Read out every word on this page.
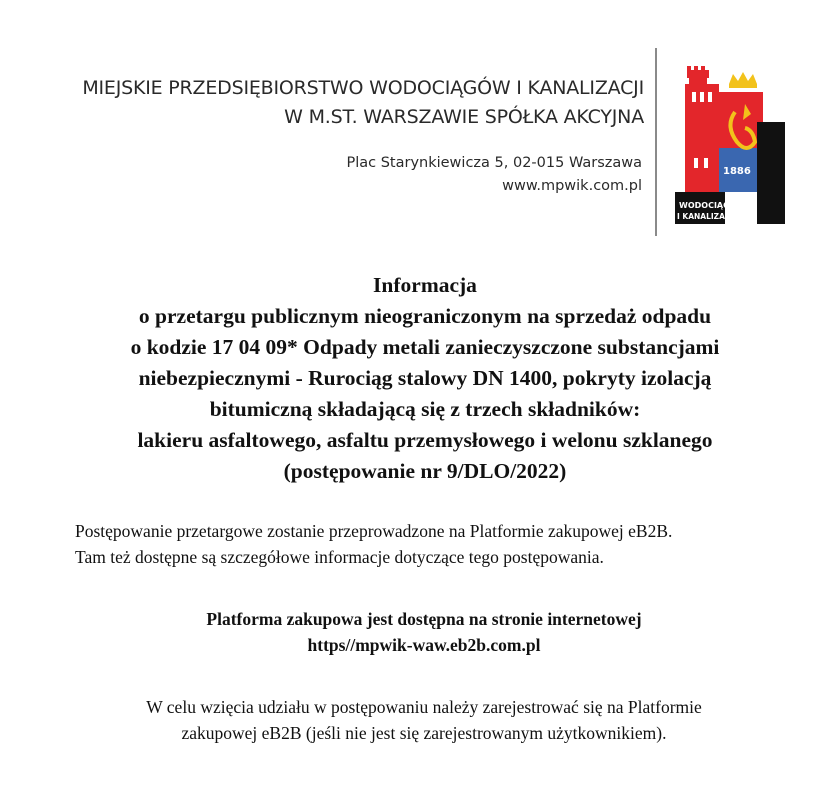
MIEJSKIE PRZEDSIĘBIORSTWO WODOCIĄGÓW I KANALIZACJI
W M.ST. WARSZAWIE SPÓŁKA AKCYJNA
Plac Starynkiewicza 5, 02-015 Warszawa
www.mpwik.com.pl
1886
WODOCIĄGI
I KANALIZACJA
Informacja
o przetargu publicznym nieograniczonym na sprzedaż odpadu
o kodzie 17 04 09* Odpady metali zanieczyszczone substancjami
niebezpiecznymi - Rurociąg stalowy DN 1400, pokryty izolacją
bitumiczną składającą się z trzech składników:
lakieru asfaltowego, asfaltu przemysłowego i welonu szklanego
(postępowanie nr 9/DLO/2022)
Postępowanie przetargowe zostanie przeprowadzone na Platformie zakupowej eB2B.
Tam też dostępne są szczegółowe informacje dotyczące tego postępowania.
Platforma zakupowa jest dostępna na stronie internetowej
https//mpwik-waw.eb2b.com.pl
W celu wzięcia udziału w postępowaniu należy zarejestrować się na Platformie
zakupowej eB2B (jeśli nie jest się zarejestrowanym użytkownikiem).
